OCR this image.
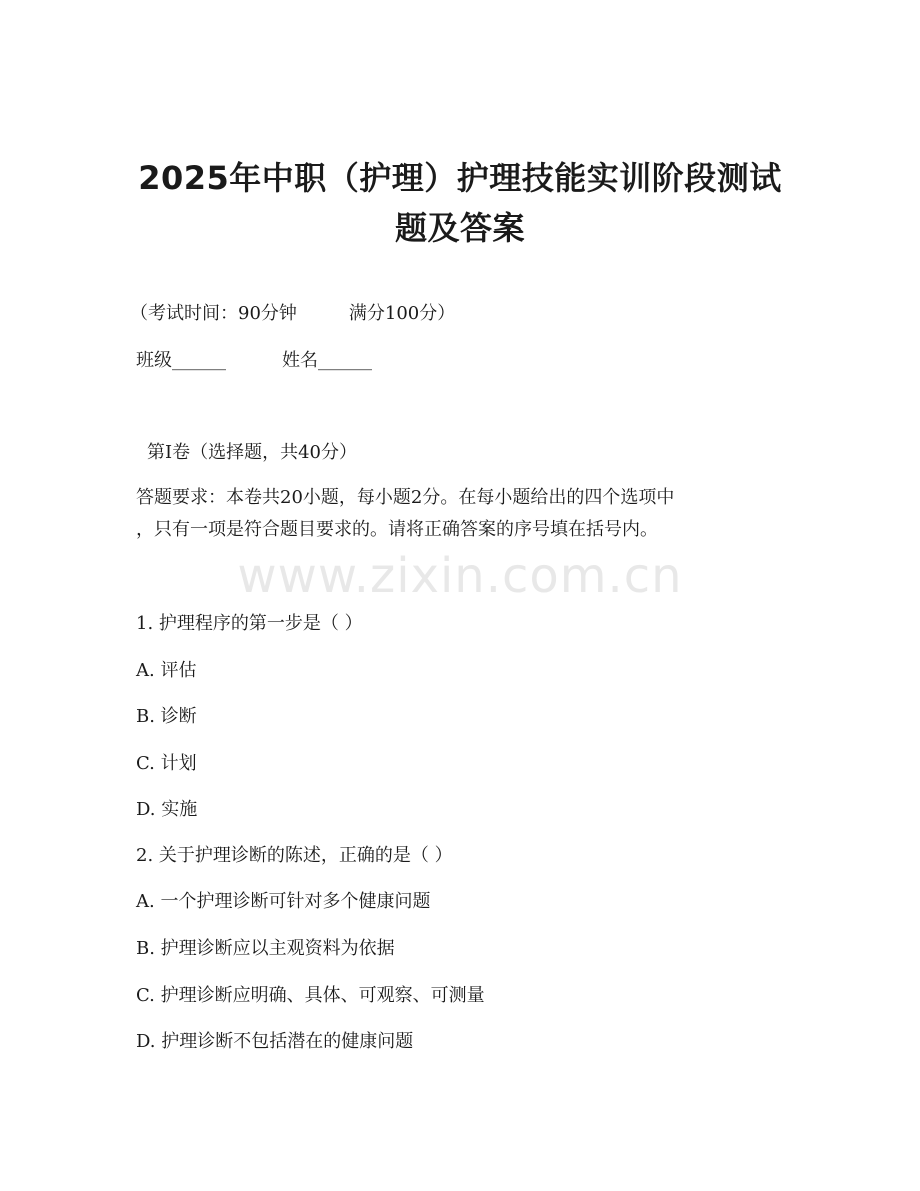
2025年中职（护理）护理技能实训阶段测试
题及答案
（考试时间：90分钟	满分100分）
班级______	姓名______
第I卷（选择题，共40分）
答题要求：本卷共20小题，每小题2分。在每小题给出的四个选项中
，只有一项是符合题目要求的。请将正确答案的序号填在括号内。
www.zixin.com.cn
1. 护理程序的第一步是（ ）
A. 评估
B. 诊断
C. 计划
D. 实施
2. 关于护理诊断的陈述，正确的是（ ）
A. 一个护理诊断可针对多个健康问题
B. 护理诊断应以主观资料为依据
C. 护理诊断应明确、具体、可观察、可测量
D. 护理诊断不包括潜在的健康问题
